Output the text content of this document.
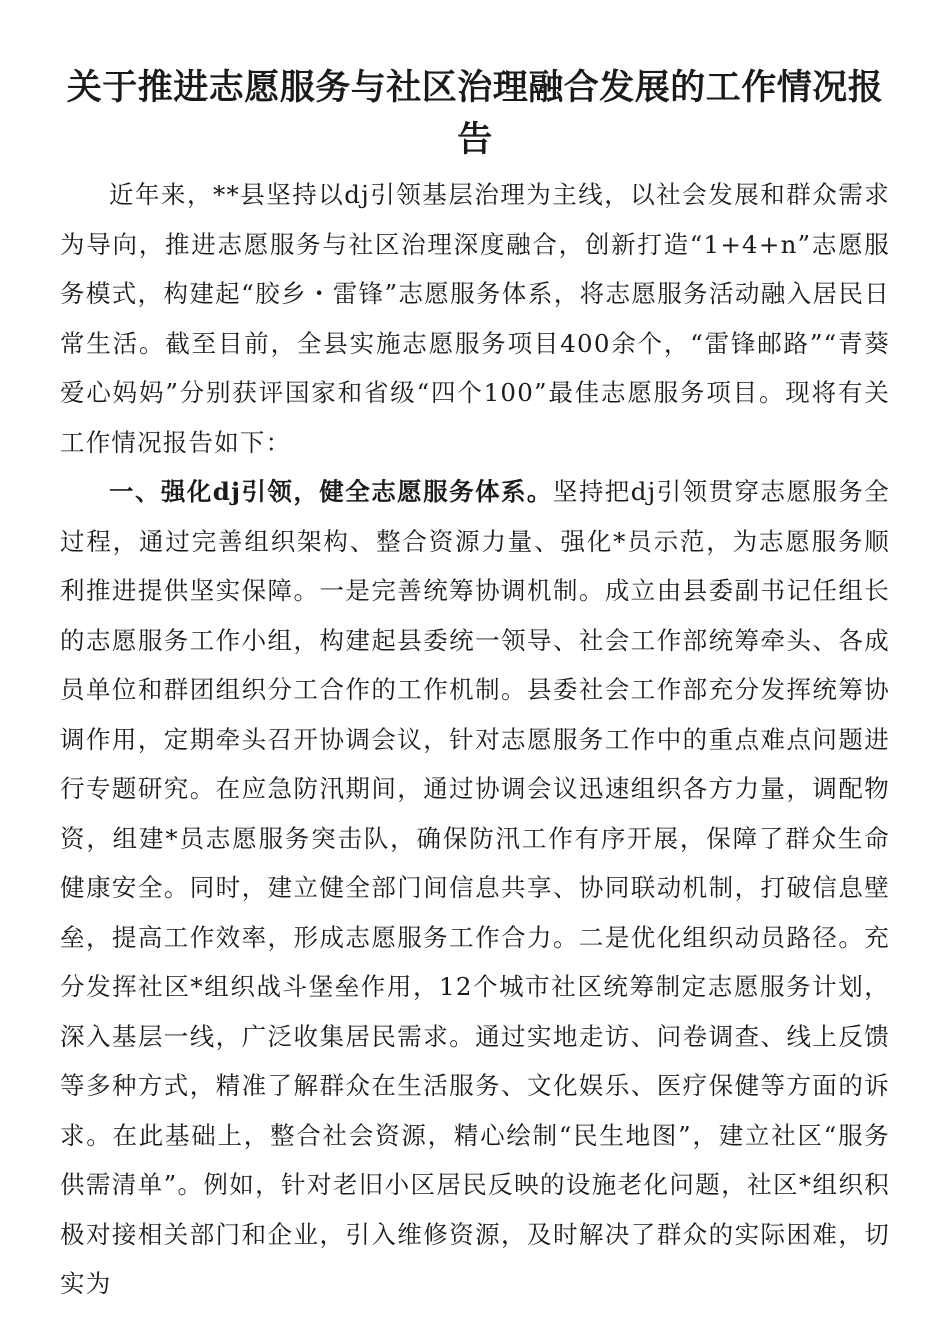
关于推进志愿服务与社区治理融合发展的工作情况报告

近年来，**县坚持以dj引领基层治理为主线，以社会发展和群众需求为导向，推进志愿服务与社区治理深度融合，创新打造“1+4+n”志愿服务模式，构建起“胶乡・雷锋”志愿服务体系，将志愿服务活动融入居民日常生活。截至目前，全县实施志愿服务项目400余个，“雷锋邮路”“青葵爱心妈妈”分别获评国家和省级“四个100”最佳志愿服务项目。现将有关工作情况报告如下：

一、强化dj引领，健全志愿服务体系。坚持把dj引领贯穿志愿服务全过程，通过完善组织架构、整合资源力量、强化*员示范，为志愿服务顺利推进提供坚实保障。一是完善统筹协调机制。成立由县委副书记任组长的志愿服务工作小组，构建起县委统一领导、社会工作部统筹牵头、各成员单位和群团组织分工合作的工作机制。县委社会工作部充分发挥统筹协调作用，定期牵头召开协调会议，针对志愿服务工作中的重点难点问题进行专题研究。在应急防汛期间，通过协调会议迅速组织各方力量，调配物资，组建*员志愿服务突击队，确保防汛工作有序开展，保障了群众生命健康安全。同时，建立健全部门间信息共享、协同联动机制，打破信息壁垒，提高工作效率，形成志愿服务工作合力。二是优化组织动员路径。充分发挥社区*组织战斗堡垒作用，12个城市社区统筹制定志愿服务计划，深入基层一线，广泛收集居民需求。通过实地走访、问卷调查、线上反馈等多种方式，精准了解群众在生活服务、文化娱乐、医疗保健等方面的诉求。在此基础上，整合社会资源，精心绘制“民生地图”，建立社区“服务供需清单”。例如，针对老旧小区居民反映的设施老化问题，社区*组织积极对接相关部门和企业，引入维修资源，及时解决了群众的实际困难，切实为
